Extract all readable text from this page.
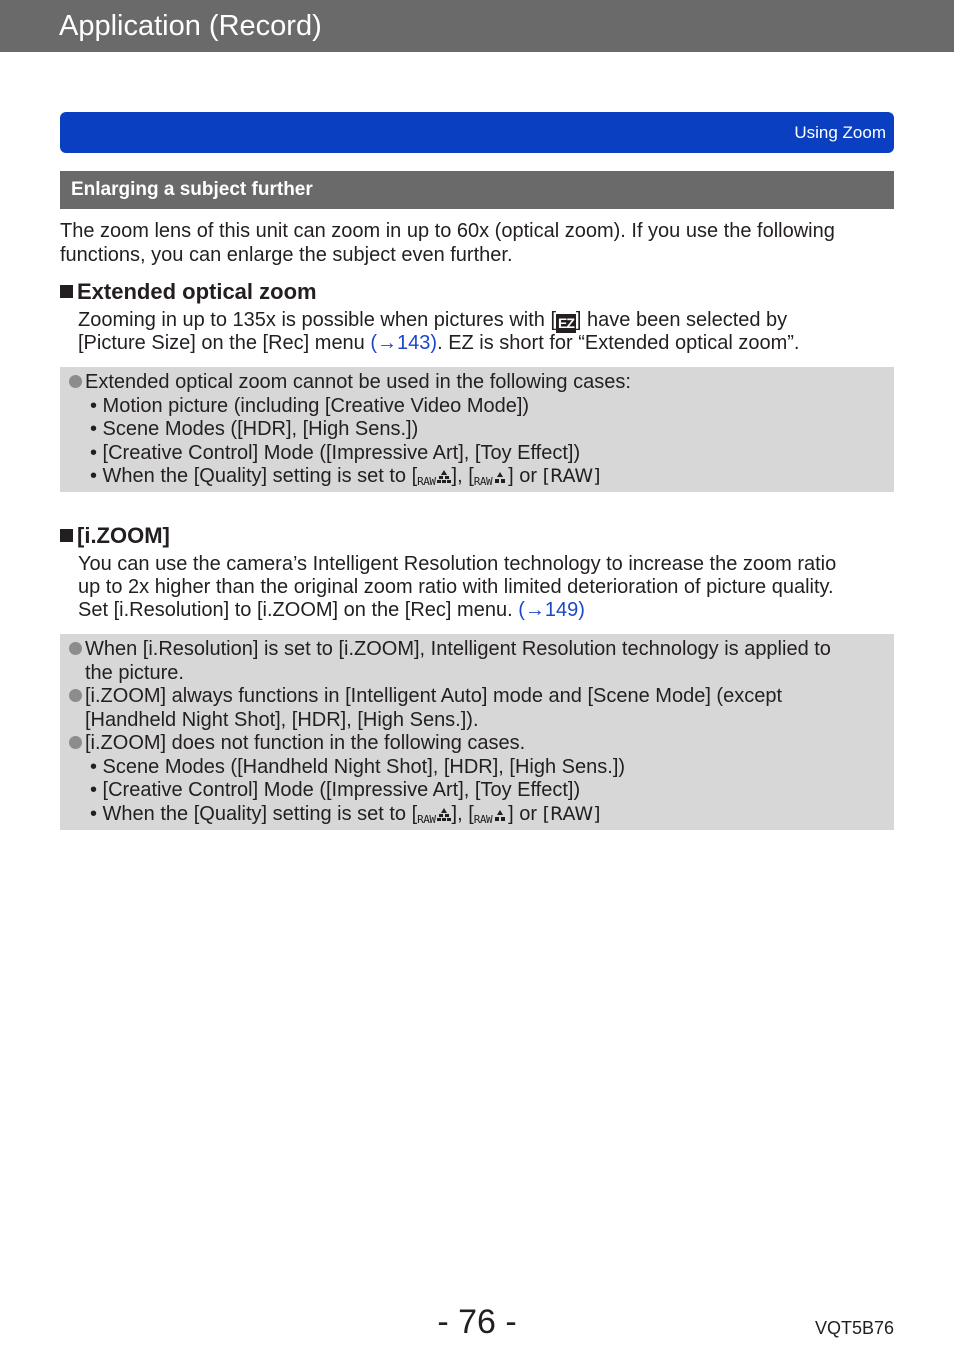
Application (Record)
Using Zoom
Enlarging a subject further
The zoom lens of this unit can zoom in up to 60x (optical zoom). If you use the following
functions, you can enlarge the subject even further.
Extended optical zoom
Zooming in up to 135x is possible when pictures with [ EZ ] have been selected by
[Picture Size] on the [Rec] menu (→143). EZ is short for “Extended optical zoom”.
Extended optical zoom cannot be used in the following cases:
• Motion picture (including [Creative Video Mode])
• Scene Modes ([HDR], [High Sens.])
• [Creative Control] Mode ([Impressive Art], [Toy Effect])
• When the [Quality] setting is set to [RAW ], [RAW ] or [RAW]
[i.ZOOM]
You can use the camera’s Intelligent Resolution technology to increase the zoom ratio
up to 2x higher than the original zoom ratio with limited deterioration of picture quality.
Set [i.Resolution] to [i.ZOOM] on the [Rec] menu. (→149)
When [i.Resolution] is set to [i.ZOOM], Intelligent Resolution technology is applied to
the picture.
[i.ZOOM] always functions in [Intelligent Auto] mode and [Scene Mode] (except
[Handheld Night Shot], [HDR], [High Sens.]).
[i.ZOOM] does not function in the following cases.
• Scene Modes ([Handheld Night Shot], [HDR], [High Sens.])
• [Creative Control] Mode ([Impressive Art], [Toy Effect])
• When the [Quality] setting is set to [RAW ], [RAW ] or [RAW]
- 76 -	VQT5B76
